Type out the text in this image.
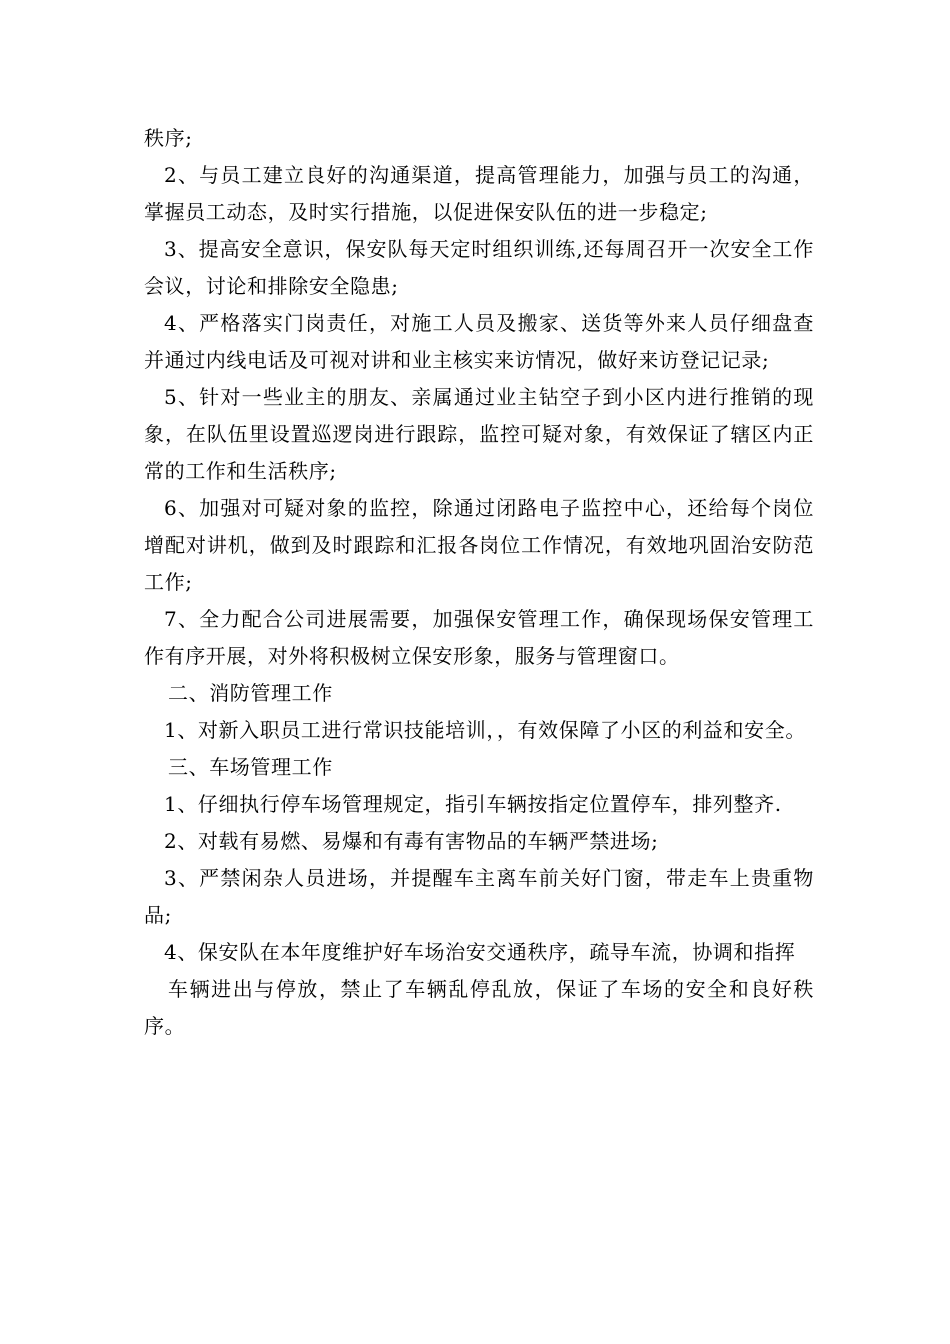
秩序;

2、与员工建立良好的沟通渠道，提高管理能力，加强与员工的沟通，掌握员工动态，及时实行措施，以促进保安队伍的进一步稳定;

3、提高安全意识，保安队每天定时组织训练,还每周召开一次安全工作会议，讨论和排除安全隐患;

4、严格落实门岗责任，对施工人员及搬家、送货等外来人员仔细盘查并通过内线电话及可视对讲和业主核实来访情况，做好来访登记记录;

5、针对一些业主的朋友、亲属通过业主钻空子到小区内进行推销的现象，在队伍里设置巡逻岗进行跟踪，监控可疑对象，有效保证了辖区内正常的工作和生活秩序;

6、加强对可疑对象的监控，除通过闭路电子监控中心，还给每个岗位增配对讲机，做到及时跟踪和汇报各岗位工作情况，有效地巩固治安防范工作;

7、全力配合公司进展需要，加强保安管理工作，确保现场保安管理工作有序开展，对外将积极树立保安形象，服务与管理窗口。

二、消防管理工作

1、对新入职员工进行常识技能培训，，有效保障了小区的利益和安全。

三、车场管理工作

1、仔细执行停车场管理规定，指引车辆按指定位置停车，排列整齐.

2、对载有易燃、易爆和有毒有害物品的车辆严禁进场;

3、严禁闲杂人员进场，并提醒车主离车前关好门窗，带走车上贵重物品;

4、保安队在本年度维护好车场治安交通秩序，疏导车流，协调和指挥

车辆进出与停放，禁止了车辆乱停乱放，保证了车场的安全和良好秩序。
